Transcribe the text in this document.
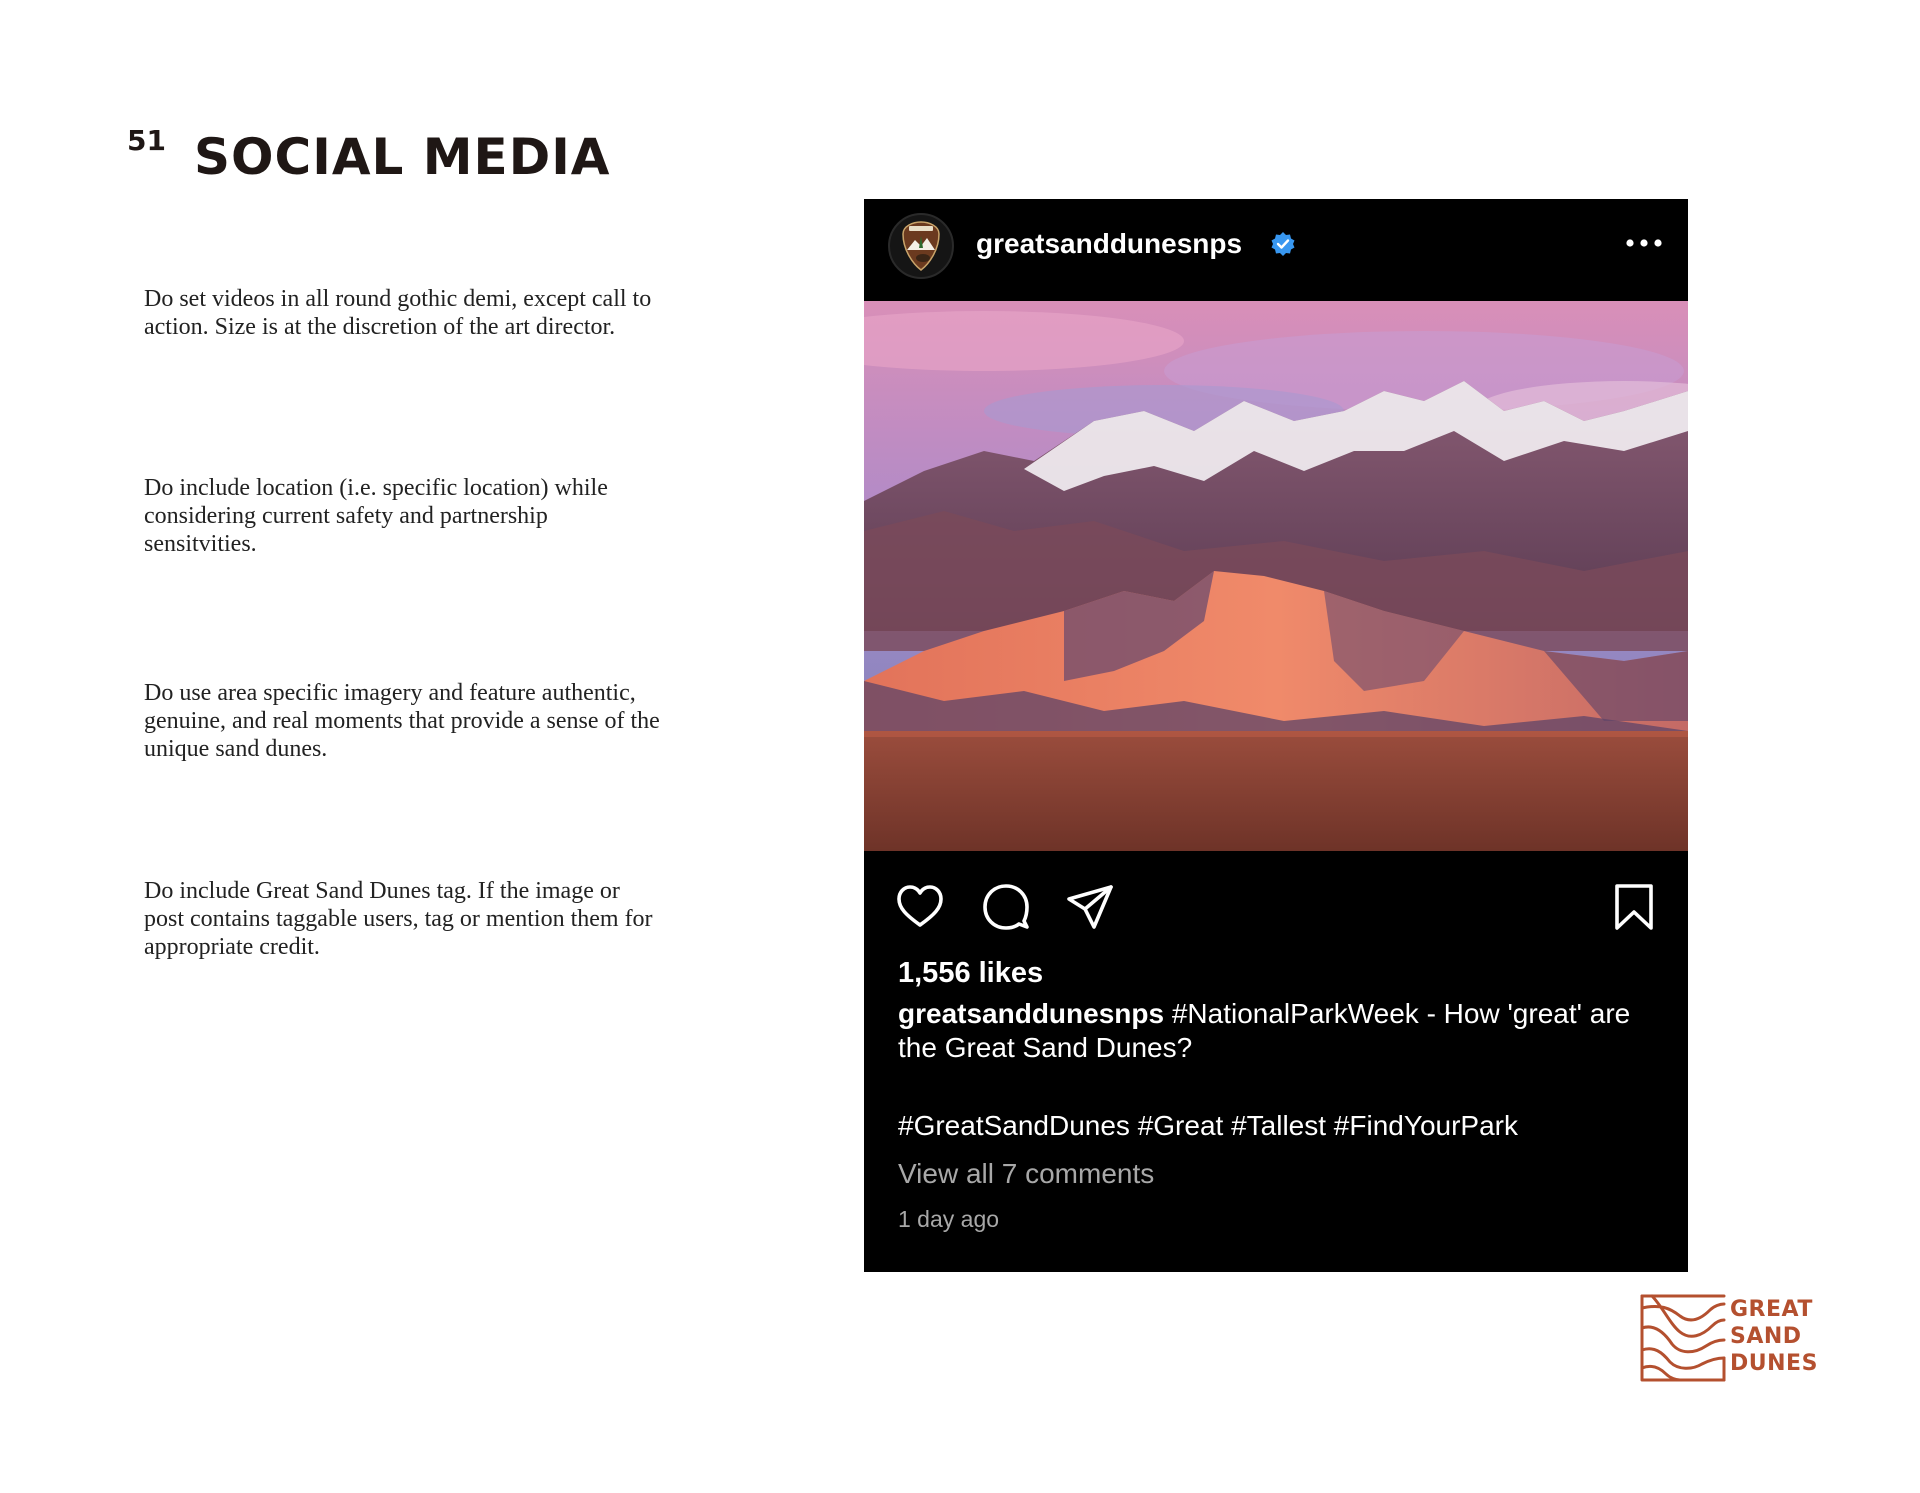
51 SOCIAL MEDIA

Do set videos in all round gothic demi, except call to action. Size is at the discretion of the art director.

Do include location (i.e. specific location) while considering current safety and partnership sensitvities.

Do use area specific imagery and feature authentic, genuine, and real moments that provide a sense of the unique sand dunes.

Do include Great Sand Dunes tag. If the image or post contains taggable users, tag or mention them for appropriate credit.

greatsanddunesnps
1,556 likes

greatsanddunesnps #NationalParkWeek - How 'great' are the Great Sand Dunes?

#GreatSandDunes #Great #Tallest #FindYourPark
View all 7 comments
1 day ago
GREAT
SAND
DUNES
